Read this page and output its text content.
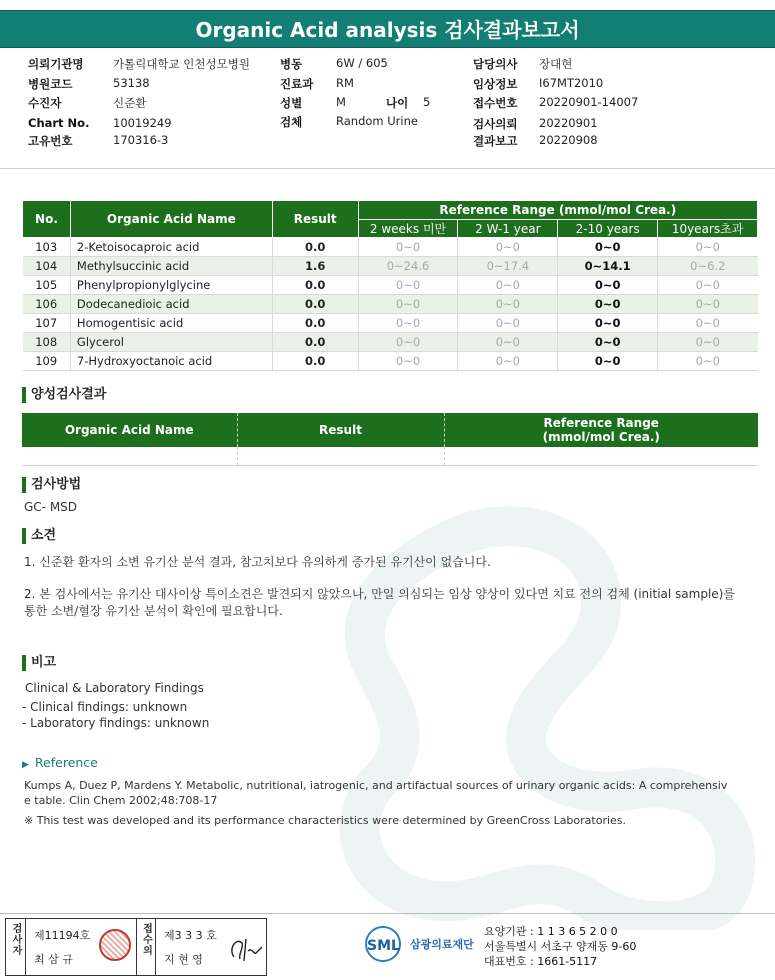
Organic Acid analysis 검사결과보고서
의뢰기관명	가톨릭대학교 인천성모병원
병원코드	53138
수진자	신준환
Chart No. 10019249
고유번호	170316-3
병동	6W / 605
진료과 RM
성별	M	나이 5
검체	Random Urine
담당의사 장대현
임상정보 I67MT2010
접수번호 20220901-14007
검사의뢰 20220901
결과보고 20220908
No.	Organic Acid Name	Result	Reference Range (mmol/mol Crea.)			
			2 weeks 미만	2 W-1 year	2-10 years	10years초과
103	2-Ketoisocaproic acid	0.0	0~0	0~0	0~0	0~0
104	Methylsuccinic acid	1.6	0~24.6	0~17.4	0~14.1	0~6.2
105	Phenylpropionylglycine	0.0	0~0	0~0	0~0	0~0
106	Dodecanedioic acid	0.0	0~0	0~0	0~0	0~0
107	Homogentisic acid	0.0	0~0	0~0	0~0	0~0
108	Glycerol	0.0	0~0	0~0	0~0	0~0
109	7-Hydroxyoctanoic acid	0.0	0~0	0~0	0~0	0~0
양성검사결과
Organic Acid Name	Result	Reference Range
(mmol/mol Crea.)

검사방법
GC- MSD
소견
1. 신준환 환자의 소변 유기산 분석 결과, 참고치보다 유의하게 증가된 유기산이 없습니다.
2. 본 검사에서는 유기산 대사이상 특이소견은 발견되지 않았으나, 만일 의심되는 임상 양상이 있다면 치료 전의 검체 (initial sample)를
통한 소변/혈장 유기산 분석이 확인에 필요합니다.
비고
Clinical & Laboratory Findings
- Clinical findings: unknown
- Laboratory findings: unknown
▶ Reference
Kumps A, Duez P, Mardens Y. Metabolic, nutritional, iatrogenic, and artifactual sources of urinary organic acids: A comprehensiv
e table. Clin Chem 2002;48:708-17
※ This test was developed and its performance characteristics were determined by GreenCross Laboratories.
검사자	제11194호
최 삼 규
접수의	제3 3 3 호
지 현 영
SML 삼광의료재단
요양기관 : 1 1 3 6 5 2 0 0
서울특별시 서초구 양재동 9-60
대표번호 : 1661-5117
